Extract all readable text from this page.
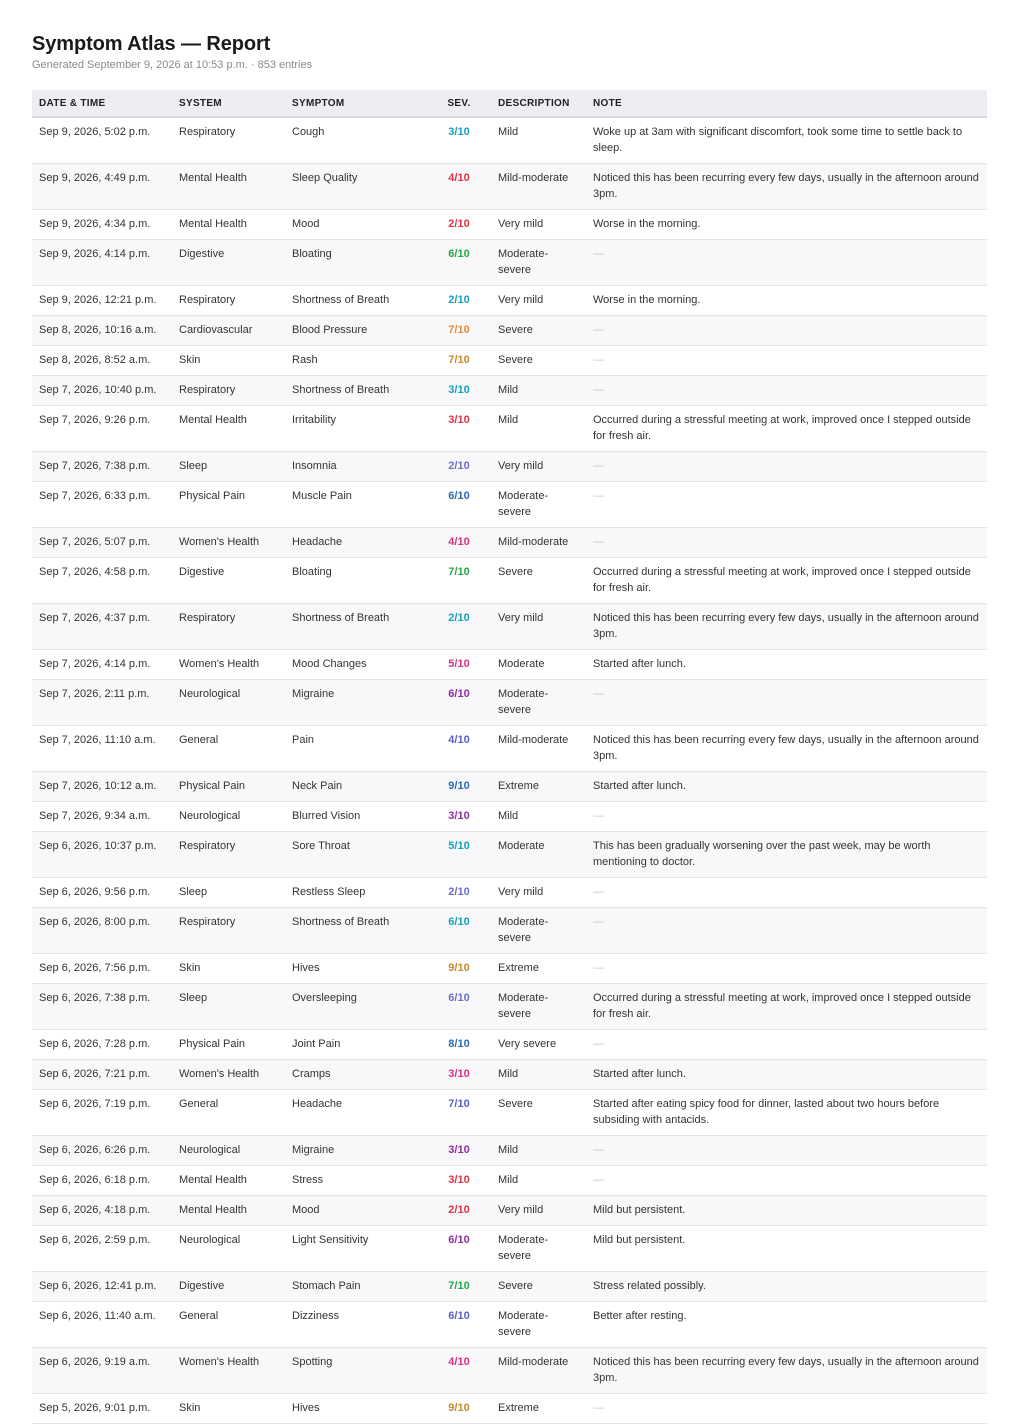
Symptom Atlas — Report
Generated September 9, 2026 at 10:53 p.m. · 853 entries
DATE & TIME	SYSTEM	SYMPTOM	SEV.	DESCRIPTION	NOTE
Sep 9, 2026, 5:02 p.m.	Respiratory	Cough	3/10	Mild	Woke up at 3am with significant discomfort, took some time to settle back to sleep.
Sep 9, 2026, 4:49 p.m.	Mental Health	Sleep Quality	4/10	Mild-moderate	Noticed this has been recurring every few days, usually in the afternoon around 3pm.
Sep 9, 2026, 4:34 p.m.	Mental Health	Mood	2/10	Very mild	Worse in the morning.
Sep 9, 2026, 4:14 p.m.	Digestive	Bloating	6/10	Moderate-severe	—
Sep 9, 2026, 12:21 p.m.	Respiratory	Shortness of Breath	2/10	Very mild	Worse in the morning.
Sep 8, 2026, 10:16 a.m.	Cardiovascular	Blood Pressure	7/10	Severe	—
Sep 8, 2026, 8:52 a.m.	Skin	Rash	7/10	Severe	—
Sep 7, 2026, 10:40 p.m.	Respiratory	Shortness of Breath	3/10	Mild	—
Sep 7, 2026, 9:26 p.m.	Mental Health	Irritability	3/10	Mild	Occurred during a stressful meeting at work, improved once I stepped outside for fresh air.
Sep 7, 2026, 7:38 p.m.	Sleep	Insomnia	2/10	Very mild	—
Sep 7, 2026, 6:33 p.m.	Physical Pain	Muscle Pain	6/10	Moderate-severe	—
Sep 7, 2026, 5:07 p.m.	Women's Health	Headache	4/10	Mild-moderate	—
Sep 7, 2026, 4:58 p.m.	Digestive	Bloating	7/10	Severe	Occurred during a stressful meeting at work, improved once I stepped outside for fresh air.
Sep 7, 2026, 4:37 p.m.	Respiratory	Shortness of Breath	2/10	Very mild	Noticed this has been recurring every few days, usually in the afternoon around 3pm.
Sep 7, 2026, 4:14 p.m.	Women's Health	Mood Changes	5/10	Moderate	Started after lunch.
Sep 7, 2026, 2:11 p.m.	Neurological	Migraine	6/10	Moderate-severe	—
Sep 7, 2026, 11:10 a.m.	General	Pain	4/10	Mild-moderate	Noticed this has been recurring every few days, usually in the afternoon around 3pm.
Sep 7, 2026, 10:12 a.m.	Physical Pain	Neck Pain	9/10	Extreme	Started after lunch.
Sep 7, 2026, 9:34 a.m.	Neurological	Blurred Vision	3/10	Mild	—
Sep 6, 2026, 10:37 p.m.	Respiratory	Sore Throat	5/10	Moderate	This has been gradually worsening over the past week, may be worth mentioning to doctor.
Sep 6, 2026, 9:56 p.m.	Sleep	Restless Sleep	2/10	Very mild	—
Sep 6, 2026, 8:00 p.m.	Respiratory	Shortness of Breath	6/10	Moderate-severe	—
Sep 6, 2026, 7:56 p.m.	Skin	Hives	9/10	Extreme	—
Sep 6, 2026, 7:38 p.m.	Sleep	Oversleeping	6/10	Moderate-severe	Occurred during a stressful meeting at work, improved once I stepped outside for fresh air.
Sep 6, 2026, 7:28 p.m.	Physical Pain	Joint Pain	8/10	Very severe	—
Sep 6, 2026, 7:21 p.m.	Women's Health	Cramps	3/10	Mild	Started after lunch.
Sep 6, 2026, 7:19 p.m.	General	Headache	7/10	Severe	Started after eating spicy food for dinner, lasted about two hours before subsiding with antacids.
Sep 6, 2026, 6:26 p.m.	Neurological	Migraine	3/10	Mild	—
Sep 6, 2026, 6:18 p.m.	Mental Health	Stress	3/10	Mild	—
Sep 6, 2026, 4:18 p.m.	Mental Health	Mood	2/10	Very mild	Mild but persistent.
Sep 6, 2026, 2:59 p.m.	Neurological	Light Sensitivity	6/10	Moderate-severe	Mild but persistent.
Sep 6, 2026, 12:41 p.m.	Digestive	Stomach Pain	7/10	Severe	Stress related possibly.
Sep 6, 2026, 11:40 a.m.	General	Dizziness	6/10	Moderate-severe	Better after resting.
Sep 6, 2026, 9:19 a.m.	Women's Health	Spotting	4/10	Mild-moderate	Noticed this has been recurring every few days, usually in the afternoon around 3pm.
Sep 5, 2026, 9:01 p.m.	Skin	Hives	9/10	Extreme	—
